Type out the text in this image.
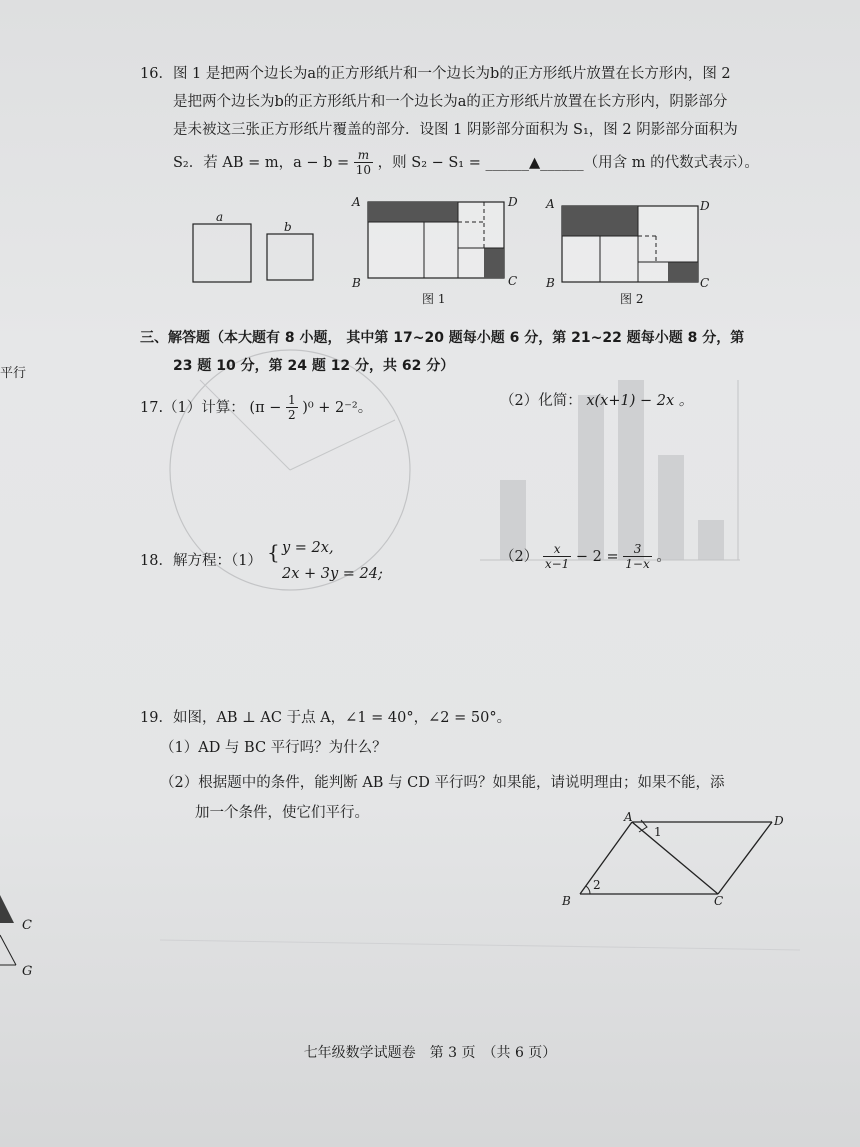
16．图 1 是把两个边长为a的正方形纸片和一个边长为b的正方形纸片放置在长方形内，图 2
是把两个边长为b的正方形纸片和一个边长为a的正方形纸片放置在长方形内，阴影部分
是未被这三张正方形纸片覆盖的部分．设图 1 阴影部分面积为 S₁，图 2 阴影部分面积为
S₂．若 AB = m，$a - b = \frac{m}{10}$ ，则 S₂ − S₁ = ______▲______（用含 m 的代数式表示）。
a
b
A	D
B	C
图 1
A	D
B	C
图 2
三、解答题（本大题有 8 小题， 其中第 17~20 题每小题 6 分，第 21~22 题每小题 8 分，第
23 题 10 分，第 24 题 12 分，共 62 分）
17.（1）计算： $(\pi - \frac{1}{2} )^0 + 2^{-2}$。	（2）化简： x(x+1) − 2x 。
18．解方程：（1） { y = 2x,
2x + 3y = 24;
$(2) \frac{x}{x-1} - 2 = \frac{3}{1-x}$ 。
19．如图，AB ⊥ AC 于点 A，∠1 = 40°，∠2 = 50°。
（1）AD 与 BC 平行吗？为什么？
（2）根据题中的条件，能判断 AB 与 CD 平行吗？如果能，请说明理由；如果不能，添
加一个条件，使它们平行。	A	D
B	C
1
2
平行
C
G
七年级数学试题卷　第 3 页　（共 6 页）
